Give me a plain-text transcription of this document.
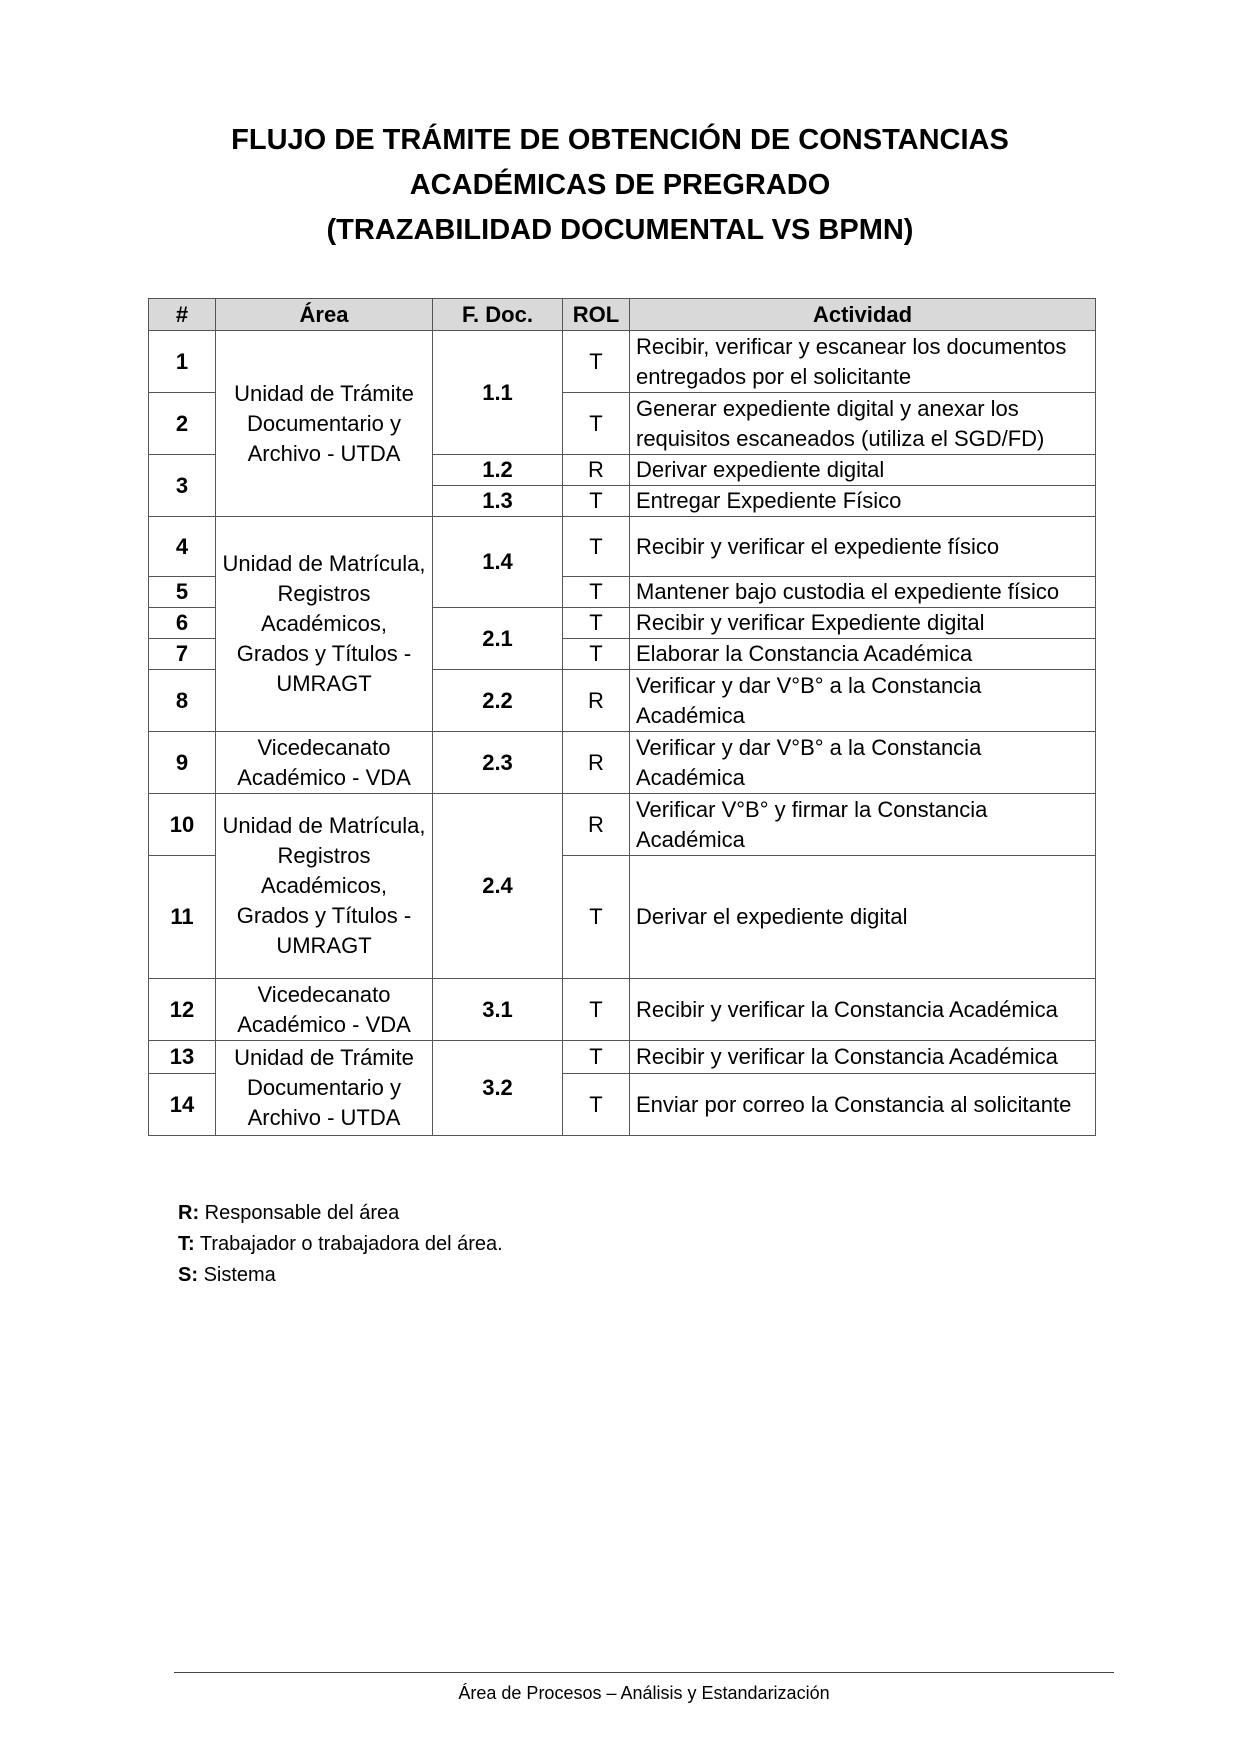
FLUJO DE TRÁMITE DE OBTENCIÓN DE CONSTANCIAS
ACADÉMICAS DE PREGRADO
(TRAZABILIDAD DOCUMENTAL VS BPMN)
#	Área	F. Doc.	ROL	Actividad
1	Unidad de Trámite Documentario y Archivo - UTDA	1.1	T	Recibir, verificar y escanear los documentos entregados por el solicitante
2			T	Generar expediente digital y anexar los requisitos escaneados (utiliza el SGD/FD)
3		1.2	R	Derivar expediente digital
		1.3	T	Entregar Expediente Físico
4	Unidad de Matrícula, Registros Académicos, Grados y Títulos - UMRAGT	1.4	T	Recibir y verificar el expediente físico
5			T	Mantener bajo custodia el expediente físico
6		2.1	T	Recibir y verificar Expediente digital
7			T	Elaborar la Constancia Académica
8		2.2	R	Verificar y dar V°B° a la Constancia Académica
9	Vicedecanato Académico - VDA	2.3	R	Verificar y dar V°B° a la Constancia Académica
10	Unidad de Matrícula, Registros Académicos, Grados y Títulos - UMRAGT	2.4	R	Verificar V°B° y firmar la Constancia Académica
11			T	Derivar el expediente digital
12	Vicedecanato Académico - VDA	3.1	T	Recibir y verificar la Constancia Académica
13	Unidad de Trámite Documentario y Archivo - UTDA	3.2	T	Recibir y verificar la Constancia Académica
14			T	Enviar por correo la Constancia al solicitante
R: Responsable del área
T: Trabajador o trabajadora del área.
S: Sistema
Área de Procesos – Análisis y Estandarización
